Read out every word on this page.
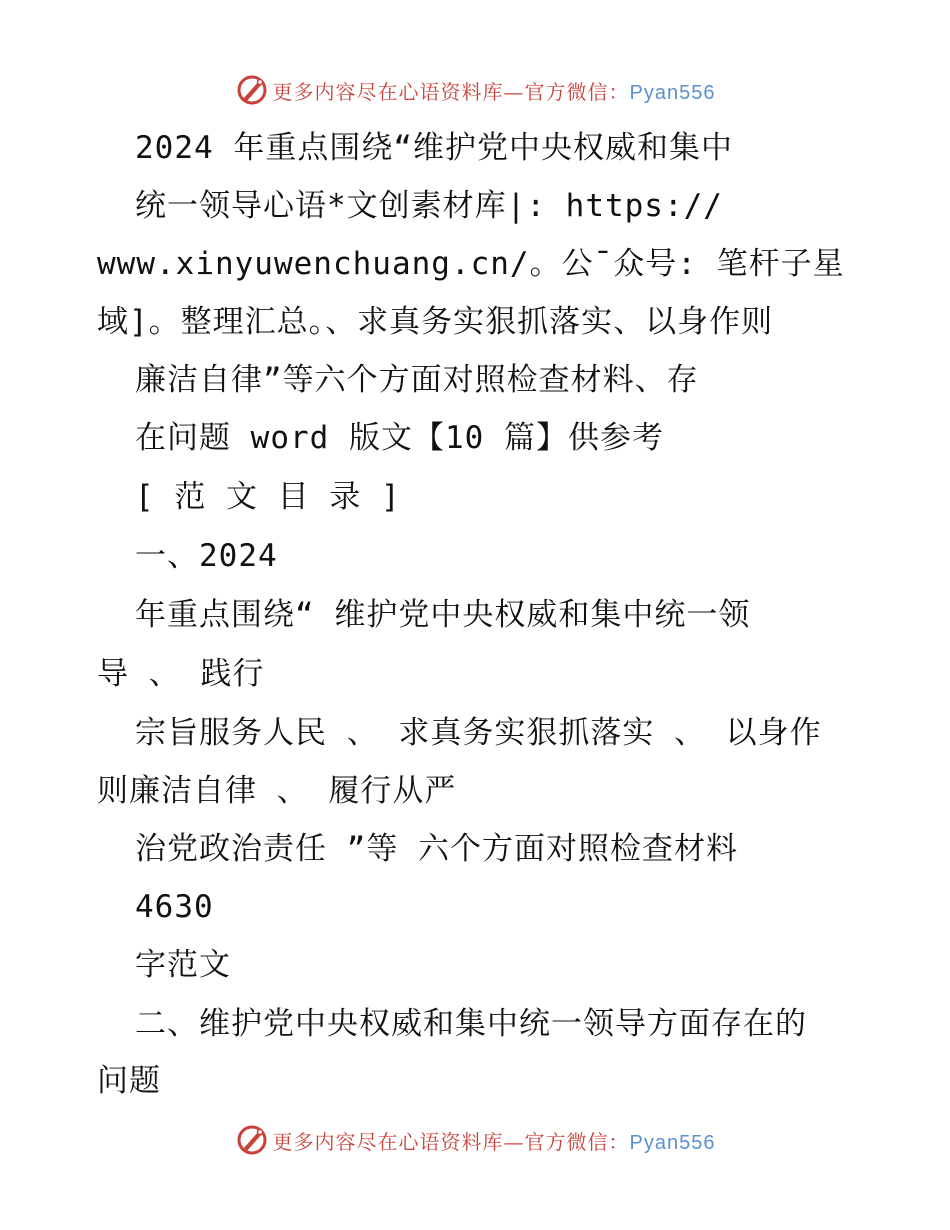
更多内容尽在心语资料库—官方微信：Pyan556
2024 年重点围绕“维护党中央权威和集中
统一领导心语*文创素材库|: https://
www.xinyuwenchuang.cn/。公¯众号: 笔杆子星
域]。整理汇总。、求真务实狠抓落实、以身作则
廉洁自律”等六个方面对照检查材料、存
在问题 word 版文【10 篇】供参考
[ 范 文 目 录 ]
一、2024
年重点围绕“ 维护党中央权威和集中统一领
导 、 践行
宗旨服务人民 、 求真务实狠抓落实 、 以身作
则廉洁自律 、 履行从严
治党政治责任 ”等 六个方面对照检查材料
4630
字范文
二、维护党中央权威和集中统一领导方面存在的
问题
更多内容尽在心语资料库—官方微信：Pyan556
